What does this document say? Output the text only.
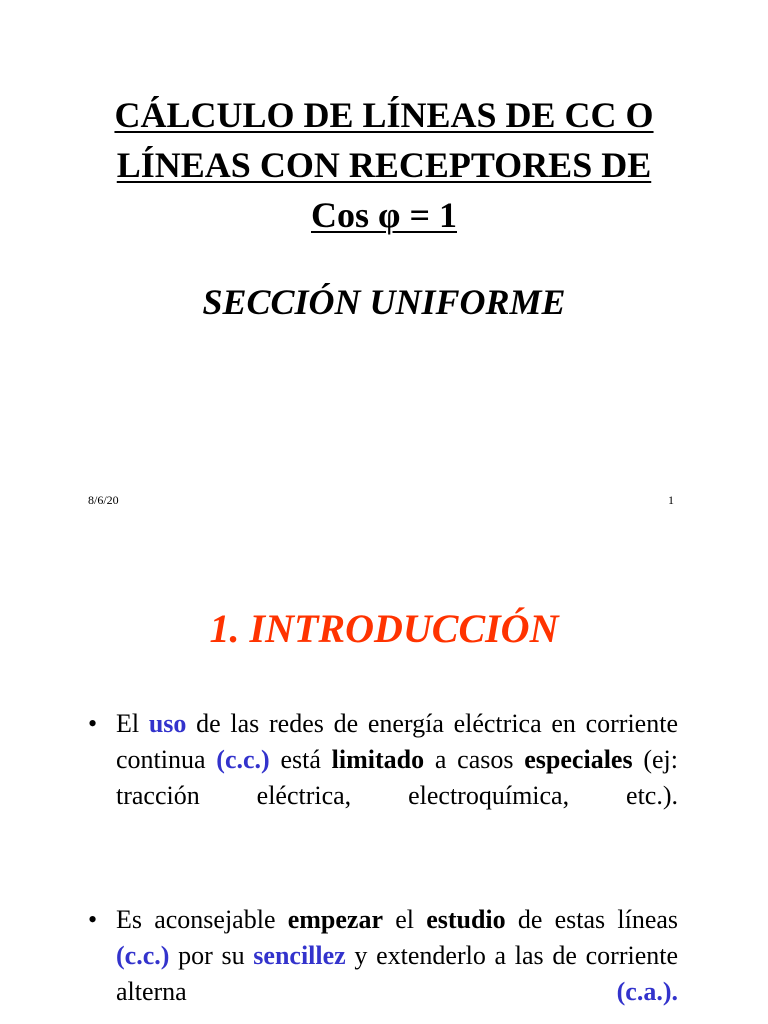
CÁLCULO DE LÍNEAS DE CC O
LÍNEAS CON RECEPTORES DE
Cos φ = 1
SECCIÓN UNIFORME
8/6/20	1
1. INTRODUCCIÓN
• El uso de las redes de energía eléctrica en corriente continua (c.c.) está limitado a casos especiales (ej: tracción eléctrica, electroquímica, etc.).
• Es aconsejable empezar el estudio de estas líneas (c.c.) por su sencillez y extenderlo a las de corriente alterna (c.a.).
